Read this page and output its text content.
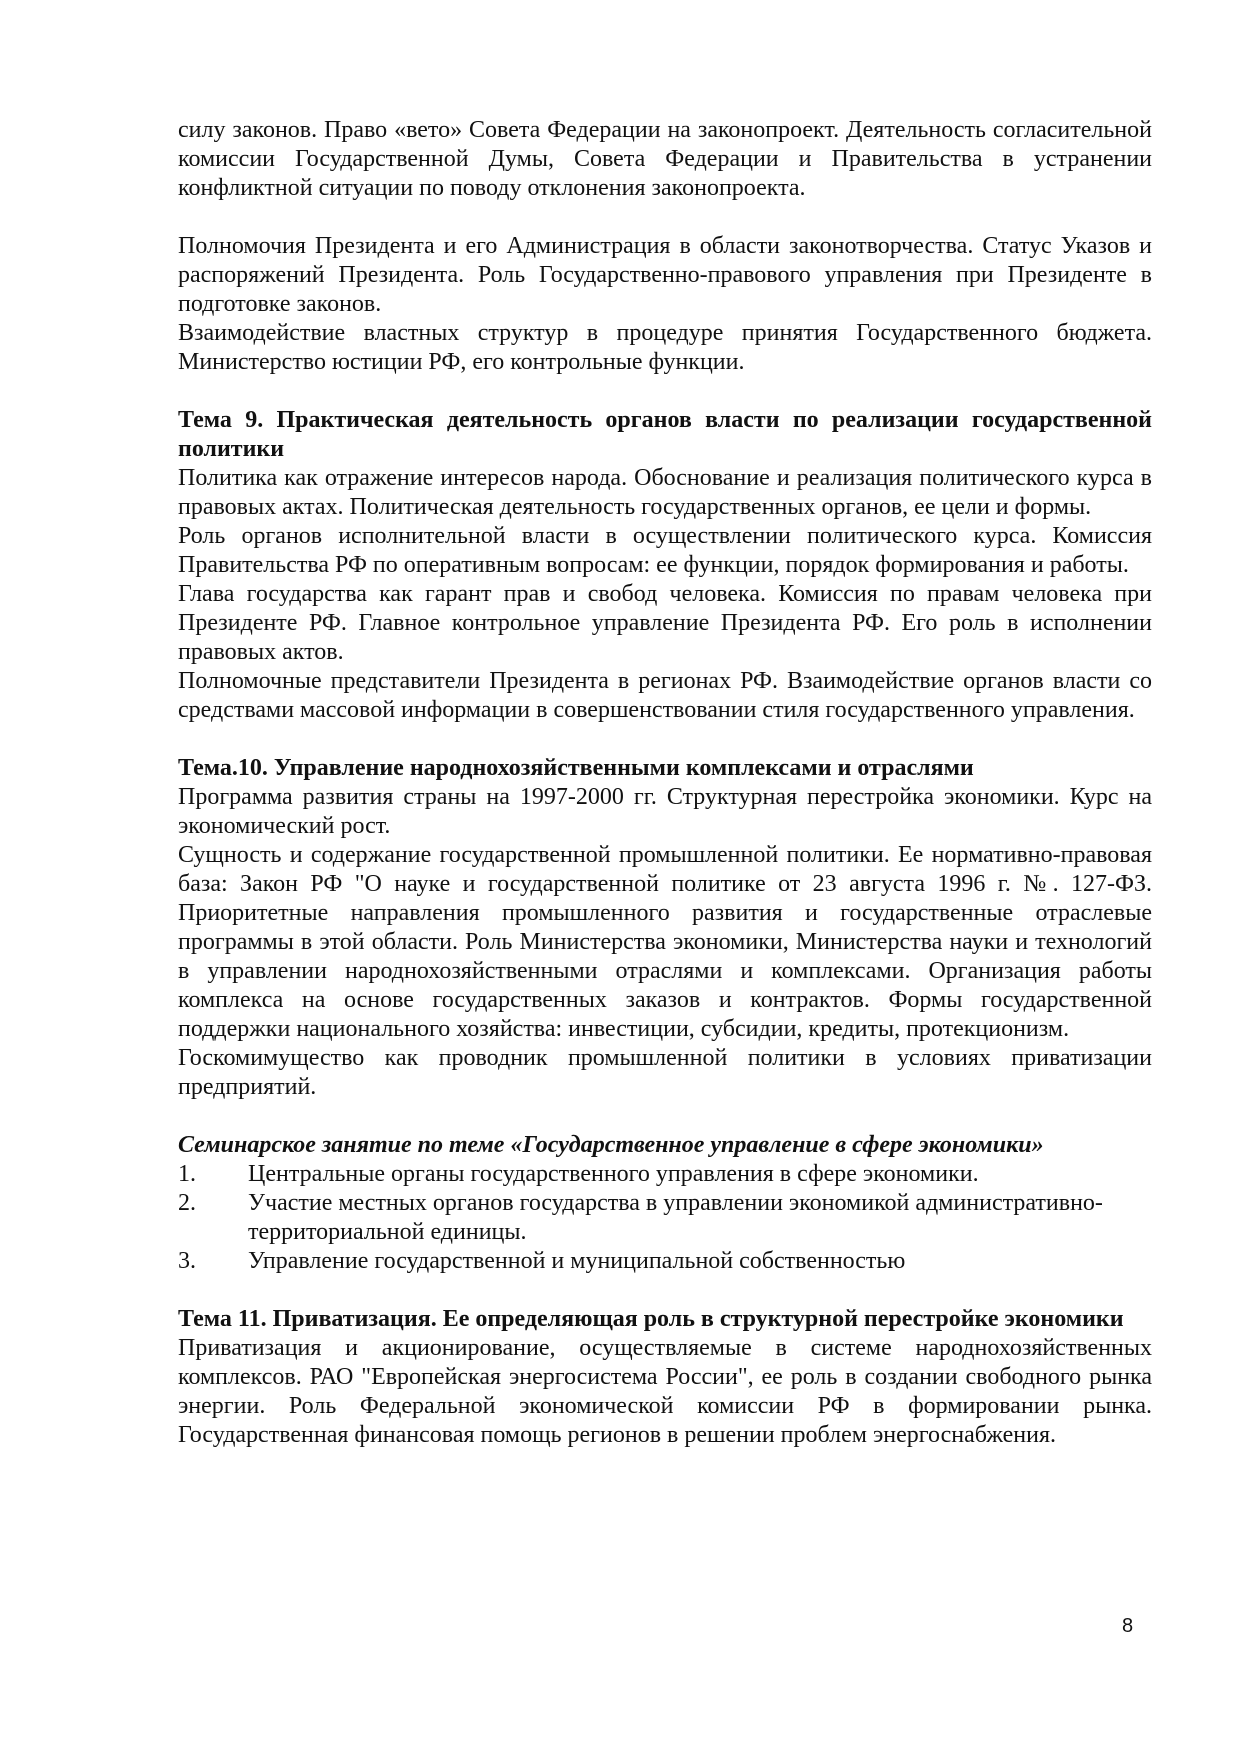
силу законов. Право «вето» Совета Федерации на законопроект. Деятельность согласительной комиссии Государственной Думы, Совета Федерации и Правительства в устранении конфликтной ситуации по поводу отклонения законопроекта.

Полномочия Президента и его Администрация в области законотворчества. Статус Указов и распоряжений Президента. Роль Государственно-правового управления при Президенте в подготовке законов.

Взаимодействие властных структур в процедуре принятия Государственного бюджета. Министерство юстиции РФ, его контрольные функции.

Тема 9. Практическая деятельность органов власти по реализации государственной политики

Политика как отражение интересов народа. Обоснование и реализация политического курса в правовых актах. Политическая деятельность государственных органов, ее цели и формы.

Роль органов исполнительной власти в осуществлении политического курса. Комиссия Правительства РФ по оперативным вопросам: ее функции, порядок формирования и работы.

Глава государства как гарант прав и свобод человека. Комиссия по правам человека при Президенте РФ. Главное контрольное управление Президента РФ. Его роль в исполнении правовых актов.

Полномочные представители Президента в регионах РФ. Взаимодействие органов власти со средствами массовой информации в совершенствовании стиля государственного управления.

Тема.10. Управление народнохозяйственными комплексами и отраслями

Программа развития страны на 1997-2000 гг. Структурная перестройка экономики. Курс на экономический рост.

Сущность и содержание государственной промышленной политики. Ее нормативно-правовая база: Закон РФ "О науке и государственной политике от 23 августа 1996 г. №. 127-ФЗ. Приоритетные направления промышленного развития и государственные отраслевые программы в этой области. Роль Министерства экономики, Министерства науки и технологий в управлении народнохозяйственными отраслями и комплексами. Организация работы комплекса на основе государственных заказов и контрактов. Формы государственной поддержки национального хозяйства: инвестиции, субсидии, кредиты, протекционизм.

Госкомимущество как проводник промышленной политики в условиях приватизации предприятий.

Семинарское занятие по теме «Государственное управление в сфере экономики»
1. Центральные органы государственного управления в сфере экономики.
2. Участие местных органов государства в управлении экономикой административно-территориальной единицы.
3. Управление государственной и муниципальной собственностью
Тема 11. Приватизация. Ее определяющая роль в структурной перестройке экономики

Приватизация и акционирование, осуществляемые в системе народнохозяйственных комплексов. РАО "Европейская энергосистема России", ее роль в создании свободного рынка энергии. Роль Федеральной экономической комиссии РФ в формировании рынка. Государственная финансовая помощь регионов в решении проблем энергоснабжения.

8
